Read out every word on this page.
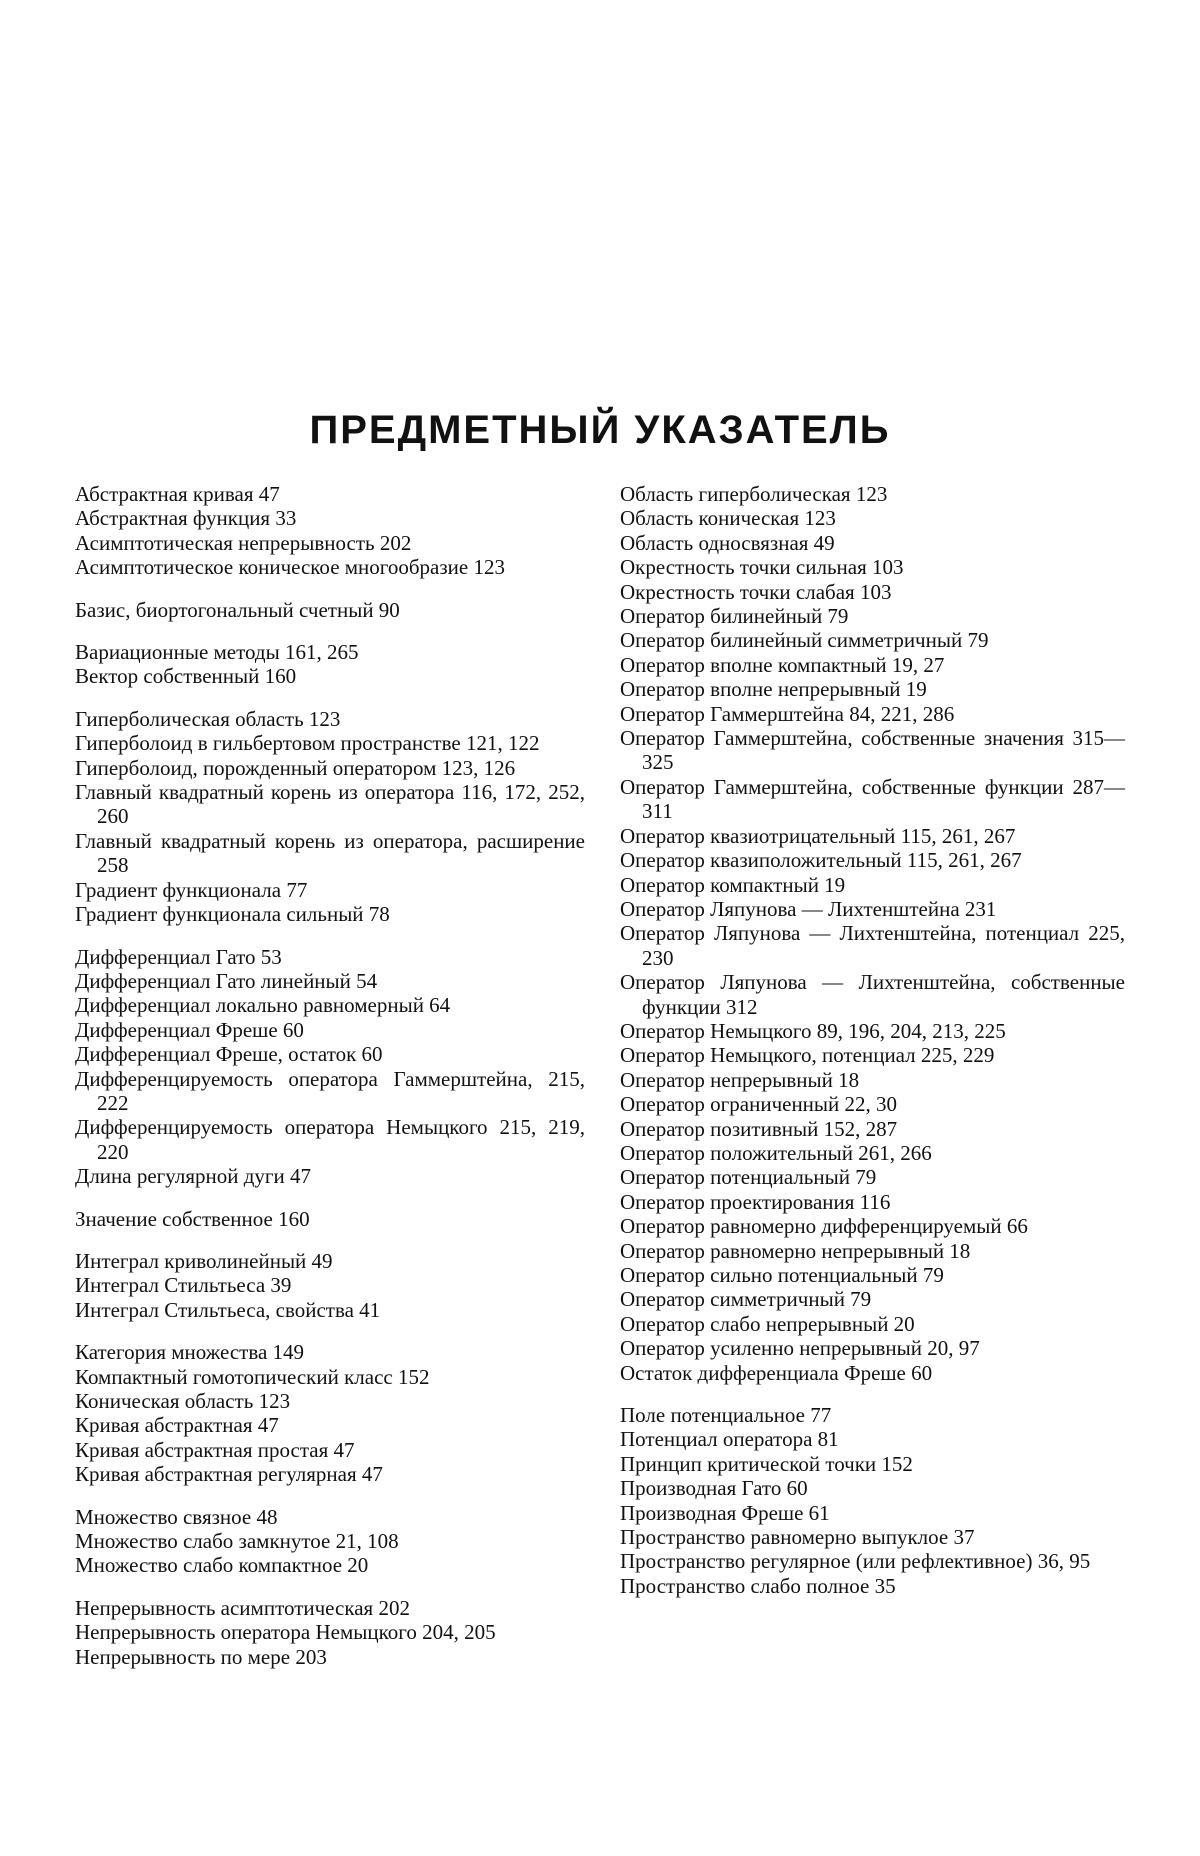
ПРЕДМЕТНЫЙ УКАЗАТЕЛЬ

Абстрактная кривая 47

Абстрактная функция 33

Асимптотическая непрерывность 202

Асимптотическое коническое многообразие 123

Базис, биортогональный счетный 90

Вариационные методы 161, 265

Вектор собственный 160

Гиперболическая область 123

Гиперболоид в гильбертовом пространстве 121, 122

Гиперболоид, порожденный оператором 123, 126

Главный квадратный корень из оператора 116, 172, 252, 260

Главный квадратный корень из оператора, расширение 258

Градиент функционала 77

Градиент функционала сильный 78

Дифференциал Гато 53

Дифференциал Гато линейный 54

Дифференциал локально равномерный 64

Дифференциал Фреше 60

Дифференциал Фреше, остаток 60

Дифференцируемость оператора Гаммерштейна, 215, 222

Дифференцируемость оператора Немыцкого 215, 219, 220

Длина регулярной дуги 47

Значение собственное 160

Интеграл криволинейный 49

Интеграл Стильтьеса 39

Интеграл Стильтьеса, свойства 41

Категория множества 149

Компактный гомотопический класс 152

Коническая область 123

Кривая абстрактная 47

Кривая абстрактная простая 47

Кривая абстрактная регулярная 47

Множество связное 48

Множество слабо замкнутое 21, 108

Множество слабо компактное 20

Непрерывность асимптотическая 202

Непрерывность оператора Немыцкого 204, 205

Непрерывность по мере 203

Область гиперболическая 123

Область коническая 123

Область односвязная 49

Окрестность точки сильная 103

Окрестность точки слабая 103

Оператор билинейный 79

Оператор билинейный симметричный 79

Оператор вполне компактный 19, 27

Оператор вполне непрерывный 19

Оператор Гаммерштейна 84, 221, 286

Оператор Гаммерштейна, собственные значения 315—325

Оператор Гаммерштейна, собственные функции 287—311

Оператор квазиотрицательный 115, 261, 267

Оператор квазиположительный 115, 261, 267

Оператор компактный 19

Оператор Ляпунова — Лихтенштейна 231

Оператор Ляпунова — Лихтенштейна, потенциал 225, 230

Оператор Ляпунова — Лихтенштейна, собственные функции 312

Оператор Немыцкого 89, 196, 204, 213, 225

Оператор Немыцкого, потенциал 225, 229

Оператор непрерывный 18

Оператор ограниченный 22, 30

Оператор позитивный 152, 287

Оператор положительный 261, 266

Оператор потенциальный 79

Оператор проектирования 116

Оператор равномерно дифференцируемый 66

Оператор равномерно непрерывный 18

Оператор сильно потенциальный 79

Оператор симметричный 79

Оператор слабо непрерывный 20

Оператор усиленно непрерывный 20, 97

Остаток дифференциала Фреше 60

Поле потенциальное 77

Потенциал оператора 81

Принцип критической точки 152

Производная Гато 60

Производная Фреше 61

Пространство равномерно выпуклое 37

Пространство регулярное (или рефлективное) 36, 95

Пространство слабо полное 35
